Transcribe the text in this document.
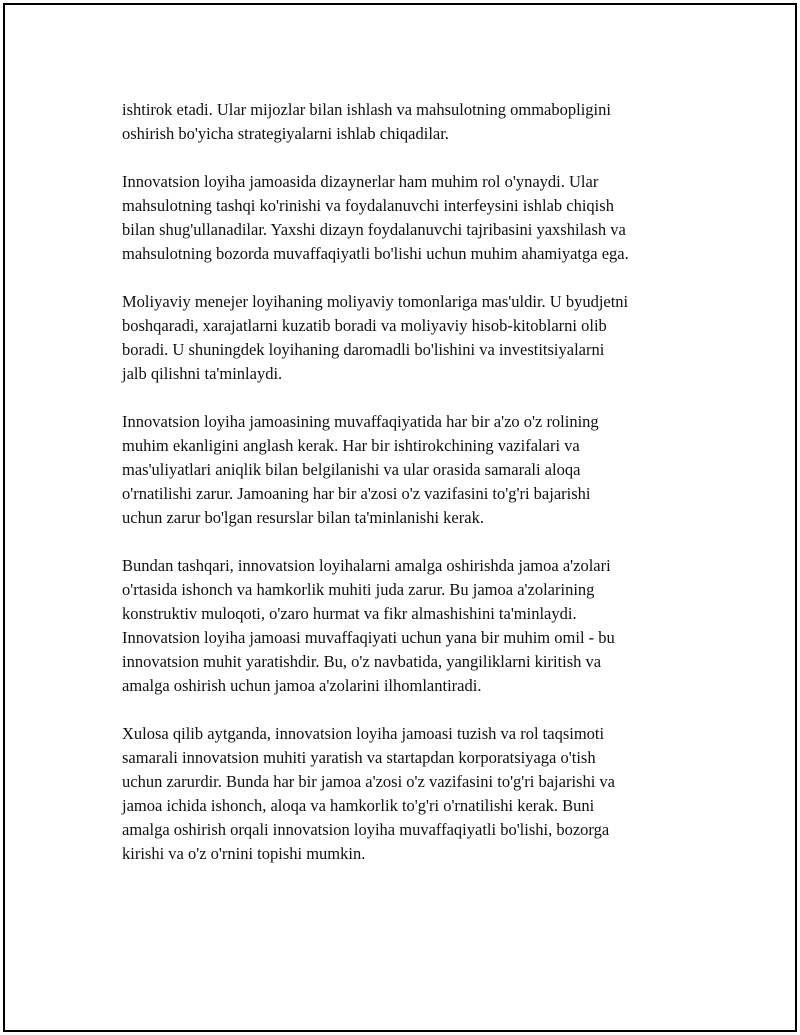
ishtirok etadi. Ular mijozlar bilan ishlash va mahsulotning ommabopligini
oshirish bo'yicha strategiyalarni ishlab chiqadilar.
Innovatsion loyiha jamoasida dizaynerlar ham muhim rol o'ynaydi. Ular
mahsulotning tashqi ko'rinishi va foydalanuvchi interfeysini ishlab chiqish
bilan shug'ullanadilar. Yaxshi dizayn foydalanuvchi tajribasini yaxshilash va
mahsulotning bozorda muvaffaqiyatli bo'lishi uchun muhim ahamiyatga ega.
Moliyaviy menejer loyihaning moliyaviy tomonlariga mas'uldir. U byudjetni
boshqaradi, xarajatlarni kuzatib boradi va moliyaviy hisob-kitoblarni olib
boradi. U shuningdek loyihaning daromadli bo'lishini va investitsiyalarni
jalb qilishni ta'minlaydi.
Innovatsion loyiha jamoasining muvaffaqiyatida har bir a'zo o'z rolining
muhim ekanligini anglash kerak. Har bir ishtirokchining vazifalari va
mas'uliyatlari aniqlik bilan belgilanishi va ular orasida samarali aloqa
o'rnatilishi zarur. Jamoaning har bir a'zosi o'z vazifasini to'g'ri bajarishi
uchun zarur bo'lgan resurslar bilan ta'minlanishi kerak.
Bundan tashqari, innovatsion loyihalarni amalga oshirishda jamoa a'zolari
o'rtasida ishonch va hamkorlik muhiti juda zarur. Bu jamoa a'zolarining
konstruktiv muloqoti, o'zaro hurmat va fikr almashishini ta'minlaydi.
Innovatsion loyiha jamoasi muvaffaqiyati uchun yana bir muhim omil - bu
innovatsion muhit yaratishdir. Bu, o'z navbatida, yangiliklarni kiritish va
amalga oshirish uchun jamoa a'zolarini ilhomlantiradi.
Xulosa qilib aytganda, innovatsion loyiha jamoasi tuzish va rol taqsimoti
samarali innovatsion muhiti yaratish va startapdan korporatsiyaga o'tish
uchun zarurdir. Bunda har bir jamoa a'zosi o'z vazifasini to'g'ri bajarishi va
jamoa ichida ishonch, aloqa va hamkorlik to'g'ri o'rnatilishi kerak. Buni
amalga oshirish orqali innovatsion loyiha muvaffaqiyatli bo'lishi, bozorga
kirishi va o'z o'rnini topishi mumkin.
